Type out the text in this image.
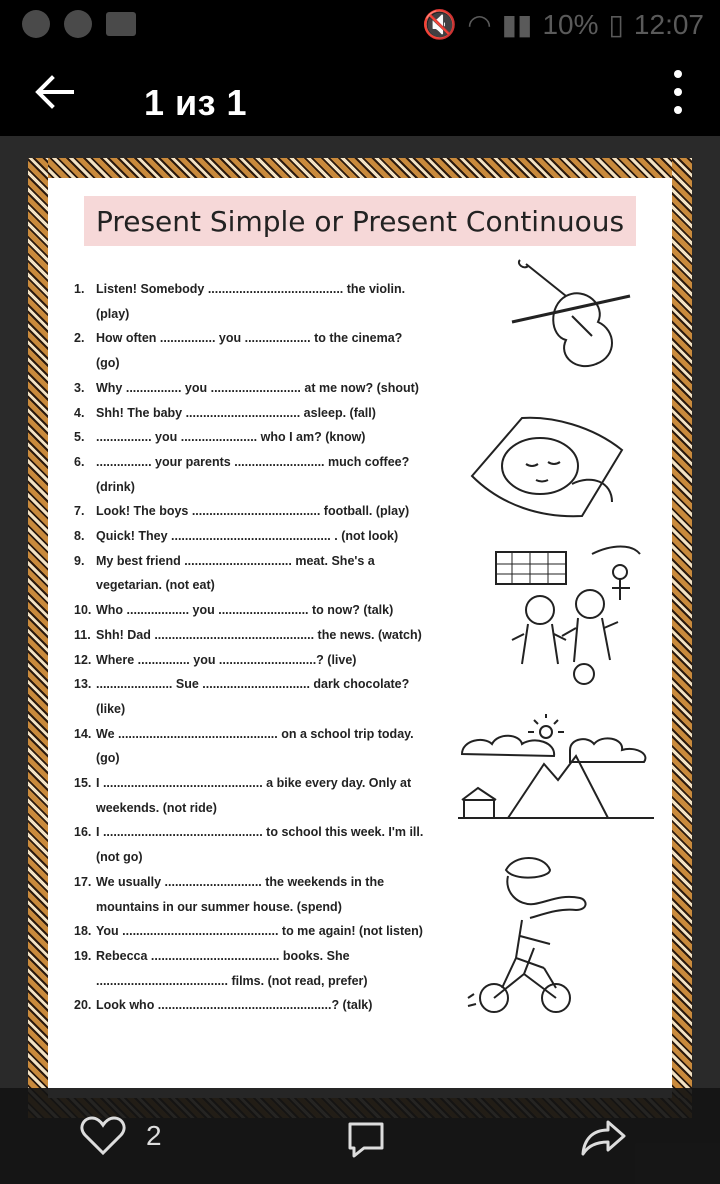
🔇 ◠ ▮▮ 10% ▯ 12:07
1 из 1
Present Simple or Present Continuous
1. Listen! Somebody ....................................... the violin.
(play)
2. How often ................ you ................... to the cinema?
(go)
3. Why ................ you .......................... at me now? (shout)
4. Shh! The baby ................................. asleep. (fall)
5. ................ you ...................... who I am? (know)
6. ................ your parents .......................... much coffee?
(drink)
7. Look! The boys ..................................... football. (play)
8. Quick! They .............................................. . (not look)
9. My best friend ............................... meat. She's a
vegetarian. (not eat)
10. Who .................. you .......................... to now? (talk)
11. Shh! Dad .............................................. the news. (watch)
12. Where ............... you ............................? (live)
13. ...................... Sue ............................... dark chocolate?
(like)
14. We .............................................. on a school trip today.
(go)
15. I .............................................. a bike every day. Only at
weekends. (not ride)
16. I .............................................. to school this week. I'm ill.
(not go)
17. We usually ............................ the weekends in the
mountains in our summer house. (spend)
18. You ............................................. to me again! (not listen)
19. Rebecca ..................................... books. She
...................................... films. (not read, prefer)
20. Look who ..................................................? (talk)
2
